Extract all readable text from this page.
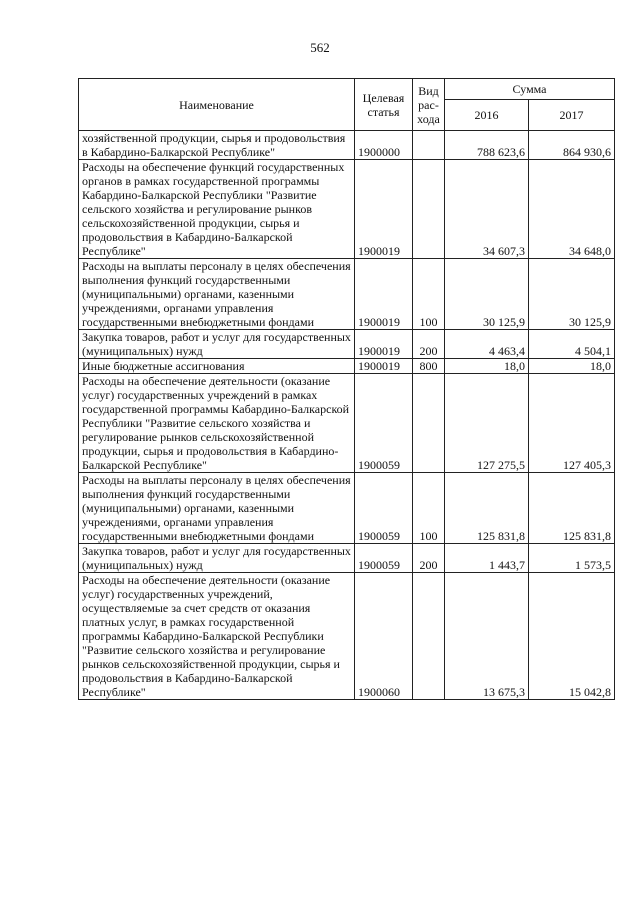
562
Наименование	Целевая статья	Вид рас-хода	Сумма	
			2016	2017
хозяйственной продукции, сырья и продовольствия в Кабардино-Балкарской Республике"	1900000		788 623,6	864 930,6
Расходы на обеспечение функций государственных органов в рамках государственной программы Кабардино-Балкарской Республики "Развитие сельского хозяйства и регулирование рынков сельскохозяйственной продукции, сырья и продовольствия в Кабардино-Балкарской Республике"	1900019		34 607,3	34 648,0
Расходы на выплаты персоналу в целях обеспечения выполнения функций государственными (муниципальными) органами, казенными учреждениями, органами управления государственными внебюджетными фондами	1900019	100	30 125,9	30 125,9
Закупка товаров, работ и услуг для государственных (муниципальных) нужд	1900019	200	4 463,4	4 504,1
Иные бюджетные ассигнования	1900019	800	18,0	18,0
Расходы на обеспечение деятельности (оказание услуг) государственных учреждений в рамках государственной программы Кабардино-Балкарской Республики "Развитие сельского хозяйства и регулирование рынков сельскохозяйственной продукции, сырья и продовольствия в Кабардино-Балкарской Республике"	1900059		127 275,5	127 405,3
Расходы на выплаты персоналу в целях обеспечения выполнения функций государственными (муниципальными) органами, казенными учреждениями, органами управления государственными внебюджетными фондами	1900059	100	125 831,8	125 831,8
Закупка товаров, работ и услуг для государственных (муниципальных) нужд	1900059	200	1 443,7	1 573,5
Расходы на обеспечение деятельности (оказание услуг) государственных учреждений, осуществляемые за счет средств от оказания платных услуг, в рамках государственной программы Кабардино-Балкарской Республики "Развитие сельского хозяйства и регулирование рынков сельскохозяйственной продукции, сырья и продовольствия в Кабардино-Балкарской Республике"	1900060		13 675,3	15 042,8
